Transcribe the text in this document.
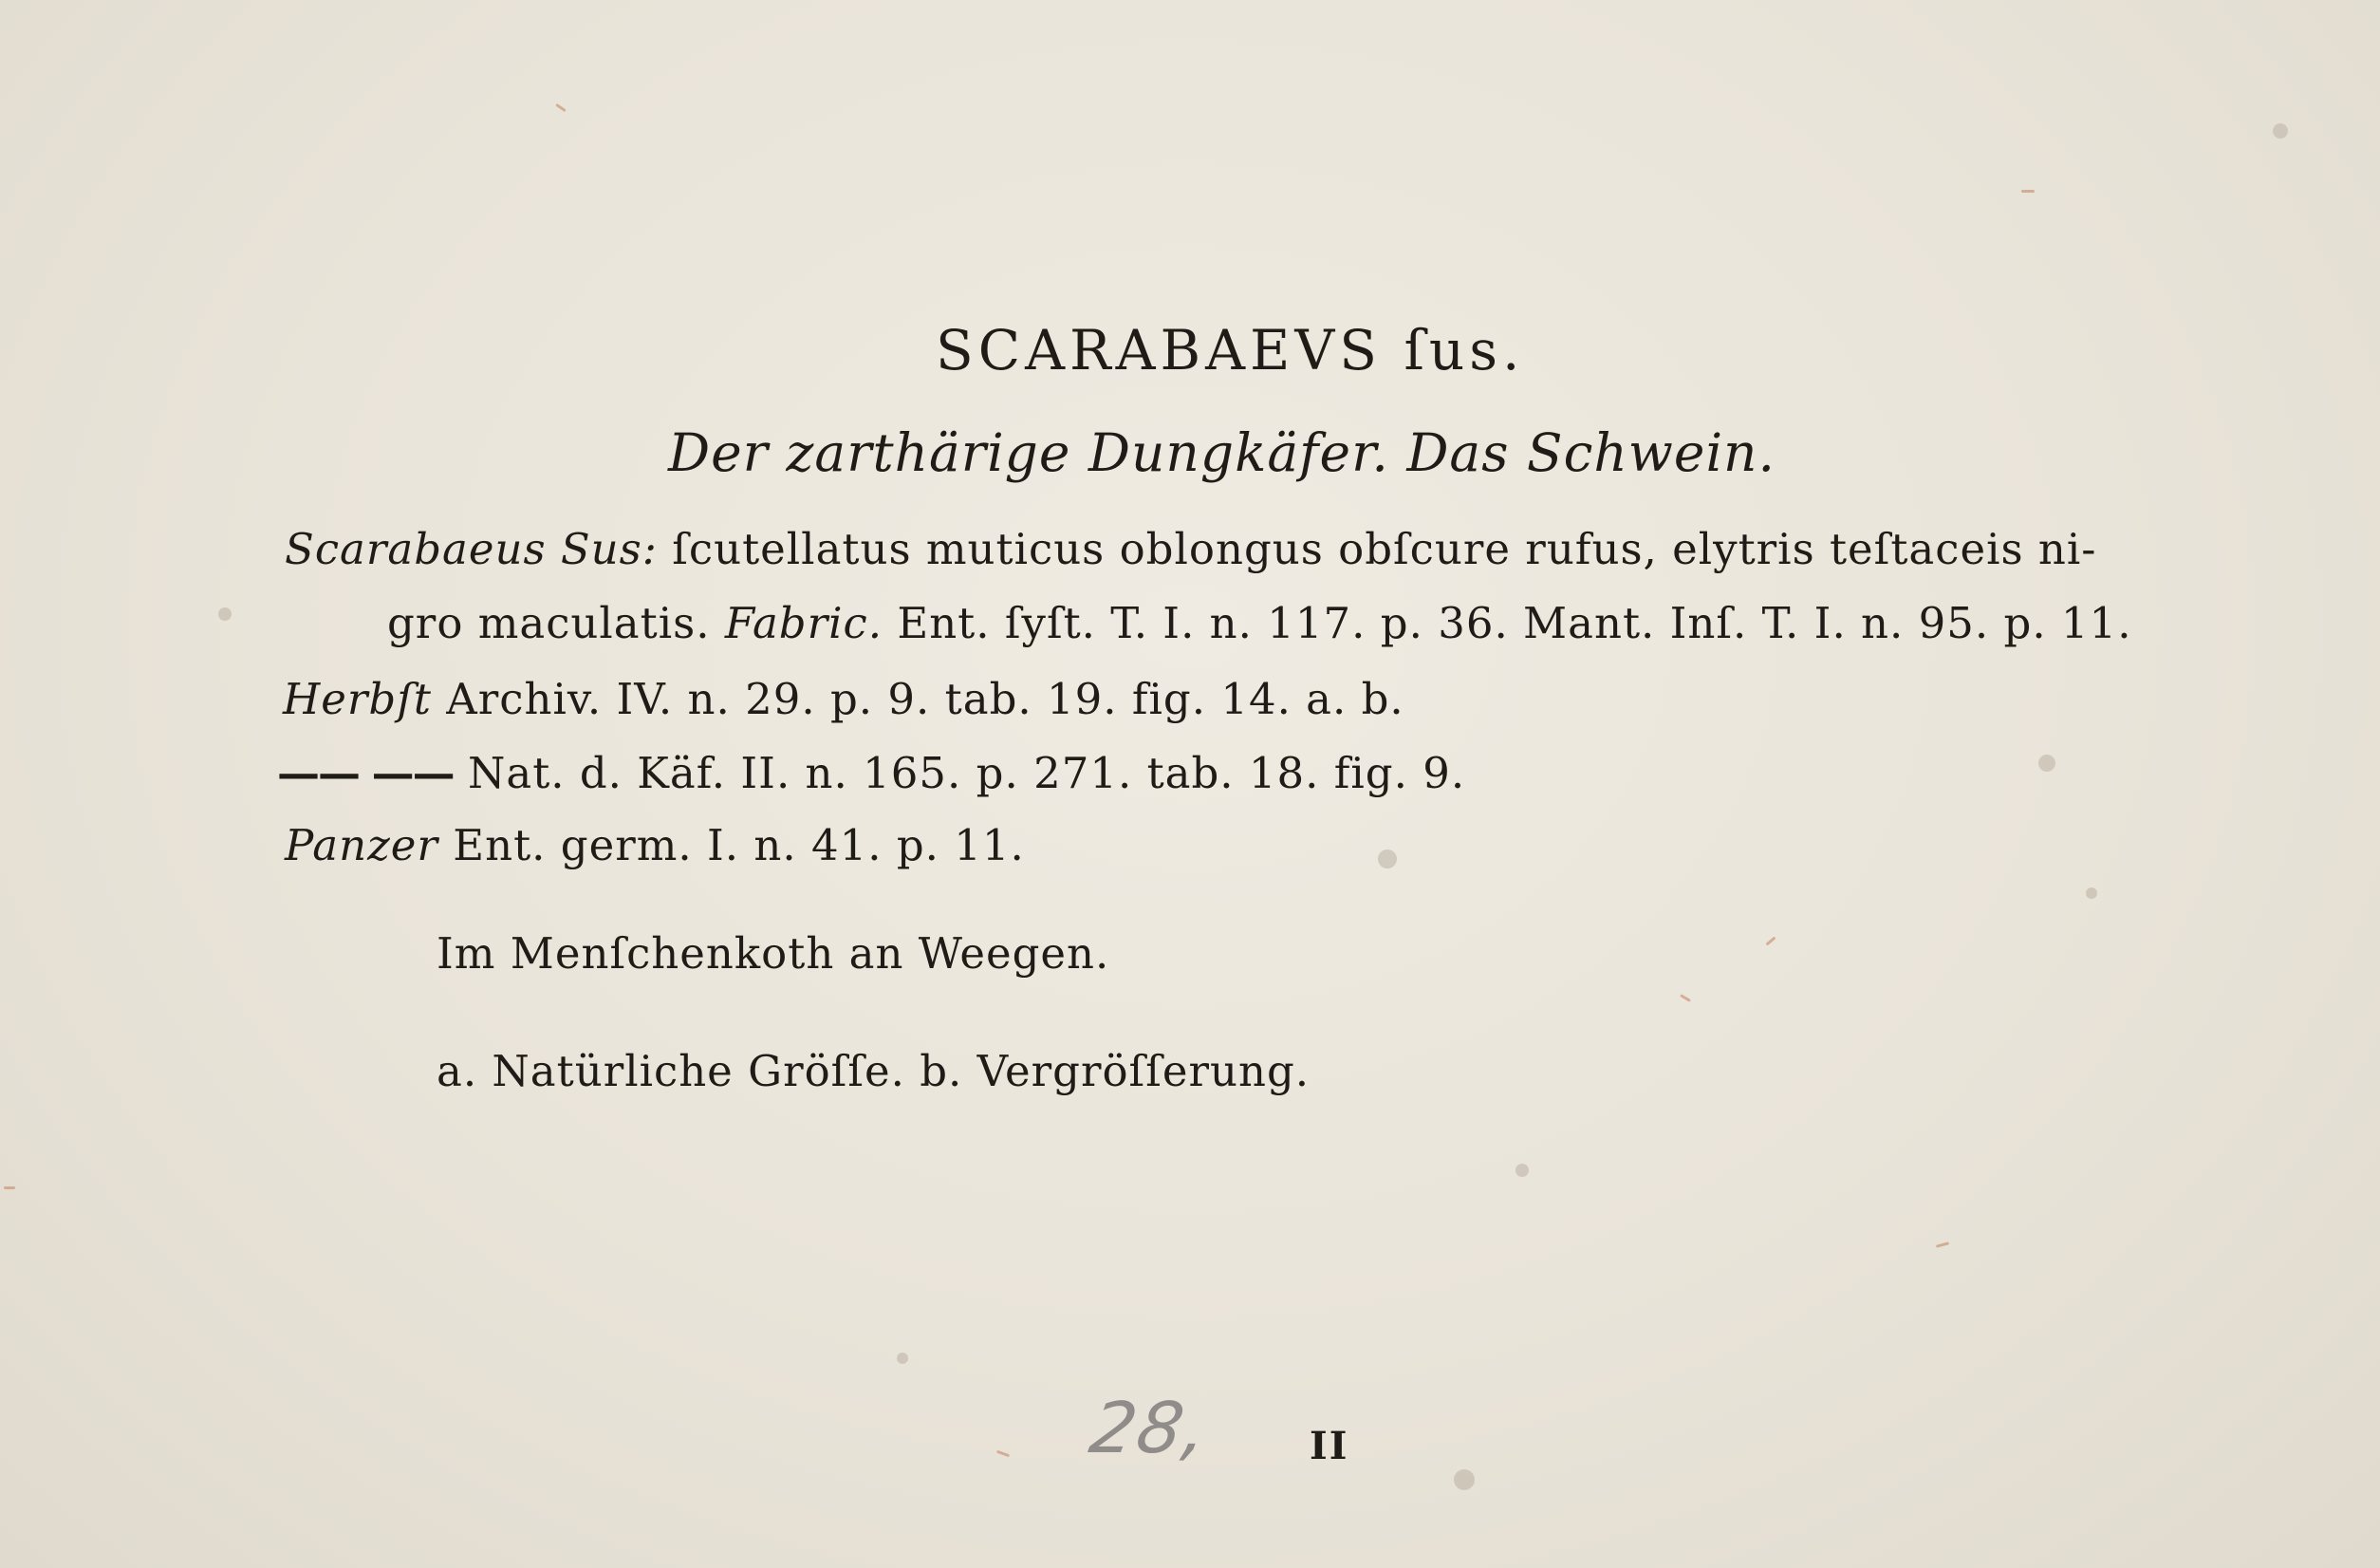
SCARABAEVS ſus.
Der zarthärige Dungkäfer. Das Schwein.
Scarabaeus Sus: ſcutellatus muticus oblongus obſcure rufus, elytris teſtaceis ni-
gro maculatis. Fabric. Ent. ſyſt. T. I. n. 117. p. 36. Mant. Inſ. T. I. n. 95. p. 11.
Herbſt Archiv. IV. n. 29. p. 9. tab. 19. fig. 14. a. b.
—— —— Nat. d. Käf. II. n. 165. p. 271. tab. 18. fig. 9.
Panzer Ent. germ. I. n. 41. p. 11.
Im Menſchenkoth an Weegen.
a. Natürliche Gröſſe. b. Vergröſſerung.
28, II
